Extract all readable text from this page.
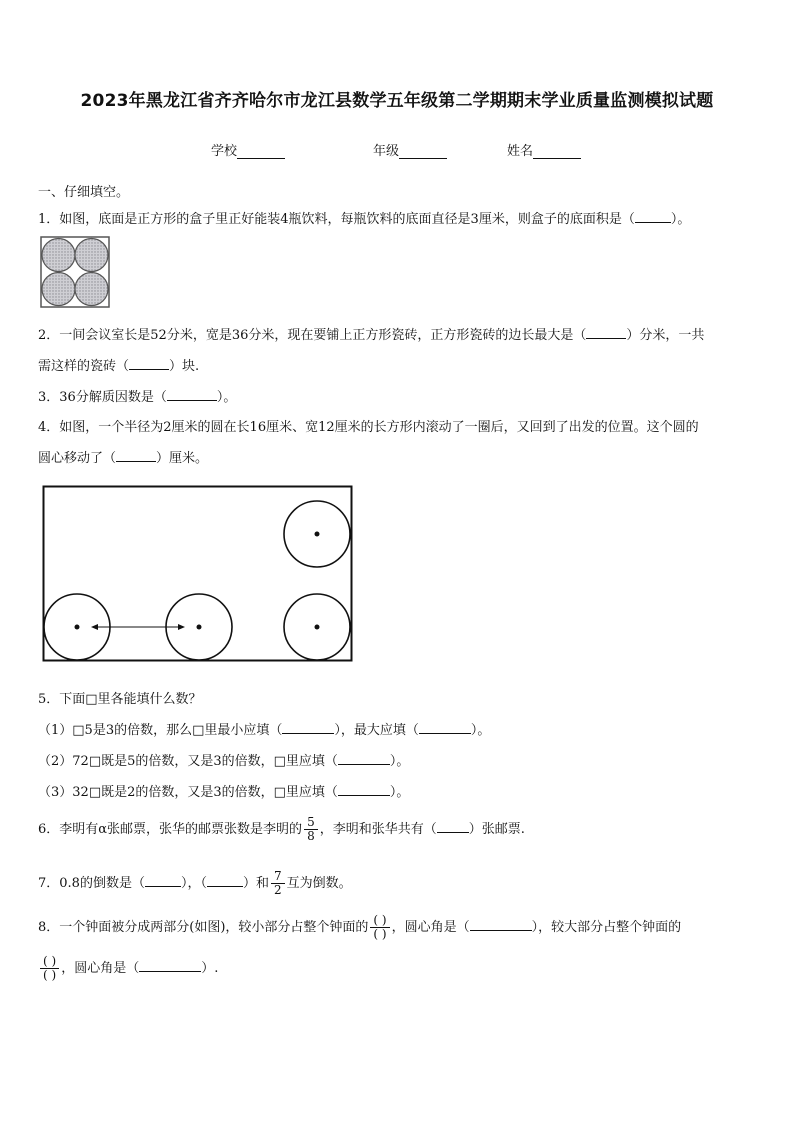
2023年黑龙江省齐齐哈尔市龙江县数学五年级第二学期期末学业质量监测模拟试题
学校	年级	姓名
一、仔细填空。
1．如图，底面是正方形的盒子里正好能装4瓶饮料，每瓶饮料的底面直径是3厘米，则盒子的底面积是（	）。
2．一间会议室长是52分米，宽是36分米，现在要铺上正方形瓷砖，正方形瓷砖的边长最大是（	）分米，一共
需这样的瓷砖（	）块.
3．36分解质因数是（	）。
4．如图，一个半径为2厘米的圆在长16厘米、宽12厘米的长方形内滚动了一圈后，又回到了出发的位置。这个圆的
圆心移动了（	）厘米。
5．下面□里各能填什么数？
（1）□5是3的倍数，那么□里最小应填（	），最大应填（	）。
（2）72□既是5的倍数，又是3的倍数，□里应填（	）。
（3）32□既是2的倍数，又是3的倍数，□里应填（	）。
6．李明有α张邮票，张华的邮票张数是李明的 $\frac{5}{8}$ ，李明和张华共有（ ）张邮票.
7．0.8的倒数是（	），（	）和 $\frac{7}{2}$ 互为倒数。
8．一个钟面被分成两部分(如图)，较小部分占整个钟面的 $\frac{( )}{( )}$ ，圆心角是（	），较大部分占整个钟面的
$\frac{( )}{( )}$ ，圆心角是（	）.
